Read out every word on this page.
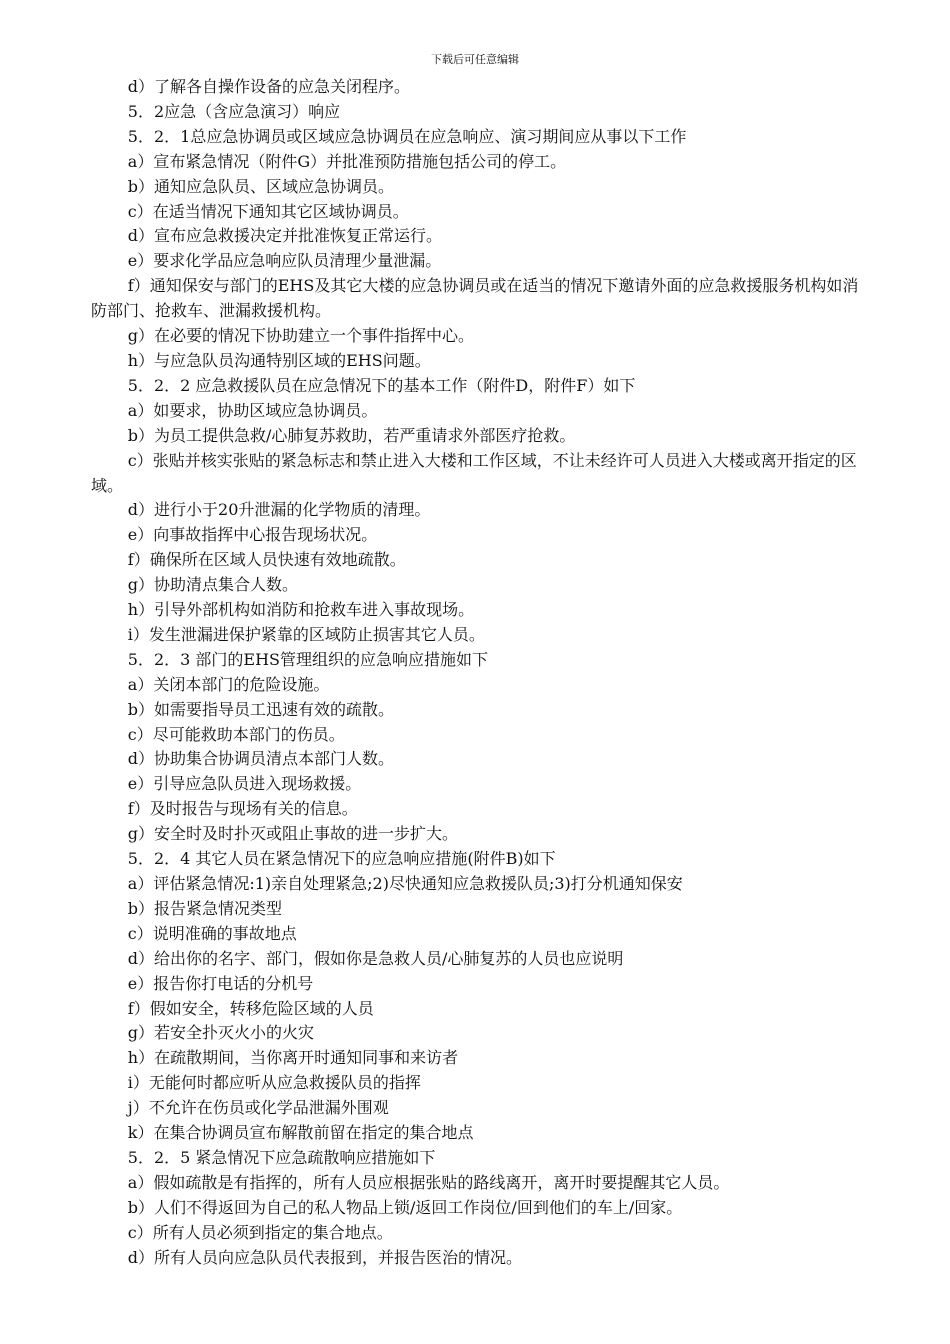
下载后可任意编辑

d）了解各自操作设备的应急关闭程序。

5．2应急（含应急演习）响应

5．2．1总应急协调员或区域应急协调员在应急响应、演习期间应从事以下工作

a）宣布紧急情况（附件G）并批准预防措施包括公司的停工。

b）通知应急队员、区域应急协调员。

c）在适当情况下通知其它区域协调员。

d）宣布应急救援决定并批准恢复正常运行。

e）要求化学品应急响应队员清理少量泄漏。

f）通知保安与部门的EHS及其它大楼的应急协调员或在适当的情况下邀请外面的应急救援服务机构如消防部门、抢救车、泄漏救援机构。

g）在必要的情况下协助建立一个事件指挥中心。

h）与应急队员沟通特别区域的EHS问题。

5．2．2 应急救援队员在应急情况下的基本工作（附件D，附件F）如下

a）如要求，协助区域应急协调员。

b）为员工提供急救/心肺复苏救助，若严重请求外部医疗抢救。

c）张贴并核实张贴的紧急标志和禁止进入大楼和工作区域，不让未经许可人员进入大楼或离开指定的区域。

d）进行小于20升泄漏的化学物质的清理。

e）向事故指挥中心报告现场状况。

f）确保所在区域人员快速有效地疏散。

g）协助清点集合人数。

h）引导外部机构如消防和抢救车进入事故现场。

i）发生泄漏进保护紧靠的区域防止损害其它人员。

5．2．3 部门的EHS管理组织的应急响应措施如下

a）关闭本部门的危险设施。

b）如需要指导员工迅速有效的疏散。

c）尽可能救助本部门的伤员。

d）协助集合协调员清点本部门人数。

e）引导应急队员进入现场救援。

f）及时报告与现场有关的信息。

g）安全时及时扑灭或阻止事故的进一步扩大。

5．2．4 其它人员在紧急情况下的应急响应措施(附件B)如下

a）评估紧急情况:1)亲自处理紧急;2)尽快通知应急救援队员;3)打分机通知保安

b）报告紧急情况类型

c）说明准确的事故地点

d）给出你的名字、部门，假如你是急救人员/心肺复苏的人员也应说明

e）报告你打电话的分机号

f）假如安全，转移危险区域的人员

g）若安全扑灭火小的火灾

h）在疏散期间，当你离开时通知同事和来访者

i）无能何时都应听从应急救援队员的指挥

j）不允许在伤员或化学品泄漏外围观

k）在集合协调员宣布解散前留在指定的集合地点

5．2．5 紧急情况下应急疏散响应措施如下

a）假如疏散是有指挥的，所有人员应根据张贴的路线离开，离开时要提醒其它人员。

b）人们不得返回为自己的私人物品上锁/返回工作岗位/回到他们的车上/回家。

c）所有人员必须到指定的集合地点。

d）所有人员向应急队员代表报到，并报告医治的情况。
